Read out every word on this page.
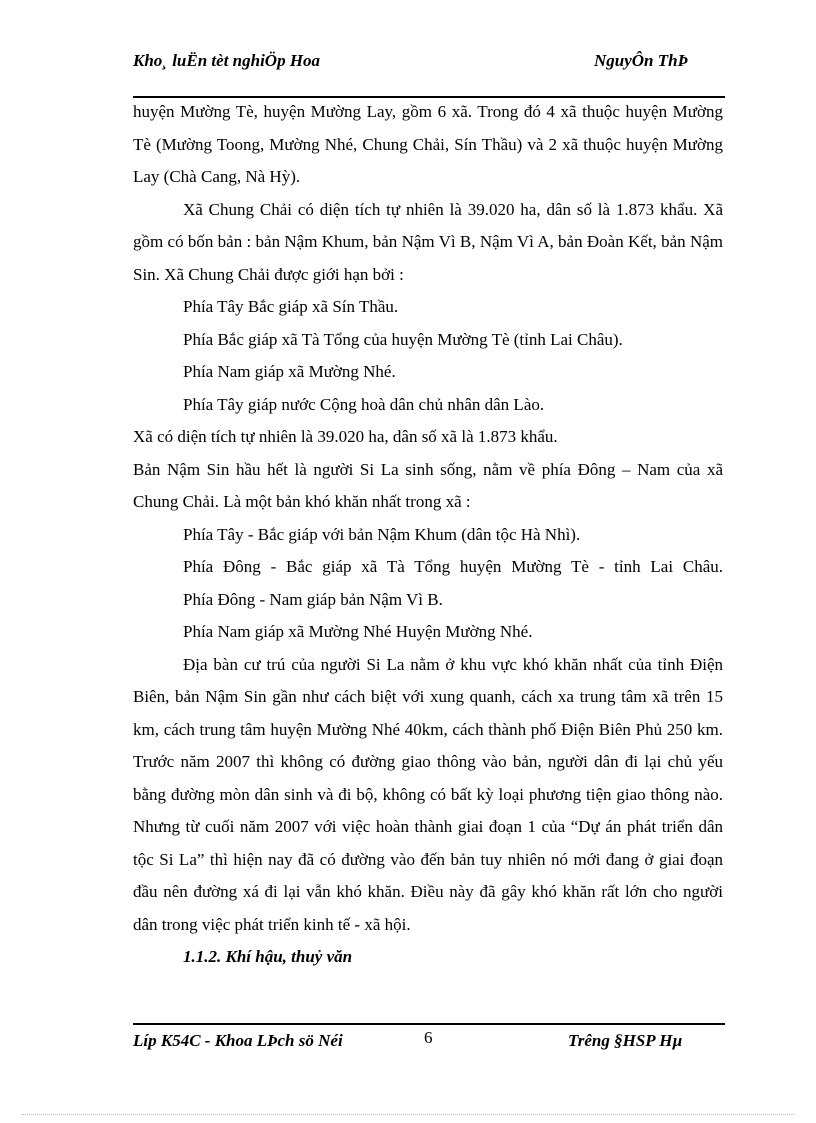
Kho¸ luËn tèt nghiÖp Hoa	NguyÔn ThÞ

huyện Mường Tè, huyện Mường Lay, gồm 6 xã. Trong đó 4 xã thuộc huyện Mường Tè (Mường Toong, Mường Nhé, Chung Chải, Sín Thầu) và 2 xã thuộc huyện Mường Lay (Chà Cang, Nà Hỳ).

Xã Chung Chải có diện tích tự nhiên là 39.020 ha, dân số là 1.873 khẩu. Xã gồm có bốn bản : bản Nậm Khum, bản Nậm Vì B, Nậm Vì A, bản Đoàn Kết, bản Nậm Sin. Xã Chung Chải được giới hạn bởi :

Phía Tây Bắc giáp xã Sín Thầu.

Phía Bắc giáp xã Tà Tổng của huyện Mường Tè (tỉnh Lai Châu).

Phía Nam giáp xã Mường Nhé.

Phía Tây giáp nước Cộng hoà dân chủ nhân dân Lào.

Xã có diện tích tự nhiên là 39.020 ha, dân số xã là 1.873 khẩu.

Bản Nậm Sin hầu hết là người Si La sinh sống, nằm về phía Đông – Nam của xã Chung Chải. Là một bản khó khăn nhất trong xã :

Phía Tây - Bắc giáp với bản Nậm Khum (dân tộc Hà Nhì).

Phía Đông - Bắc giáp xã Tà Tổng huyện Mường Tè - tỉnh Lai Châu.

Phía Đông - Nam giáp bản Nậm Vì B.

Phía Nam giáp xã Mường Nhé Huyện Mường Nhé.

Địa bàn cư trú của người Si La nằm ở khu vực khó khăn nhất của tỉnh Điện Biên, bản Nậm Sin gần như cách biệt với xung quanh, cách xa trung tâm xã trên 15 km, cách trung tâm huyện Mường Nhé 40km, cách thành phố Điện Biên Phủ 250 km. Trước năm 2007 thì không có đường giao thông vào bản, người dân đi lại chủ yếu bằng đường mòn dân sinh và đi bộ, không có bất kỳ loại phương tiện giao thông nào. Nhưng từ cuối năm 2007 với việc hoàn thành giai đoạn 1 của “Dự án phát triển dân tộc Si La” thì hiện nay đã có đường vào đến bản tuy nhiên nó mới đang ở giai đoạn đầu nên đường xá đi lại vẫn khó khăn. Điều này đã gây khó khăn rất lớn cho người dân trong việc phát triển kinh tế - xã hội.

1.1.2. Khí hậu, thuỷ văn

Líp K54C - Khoa LÞch sö Néi	6	Trêng §HSP Hµ
